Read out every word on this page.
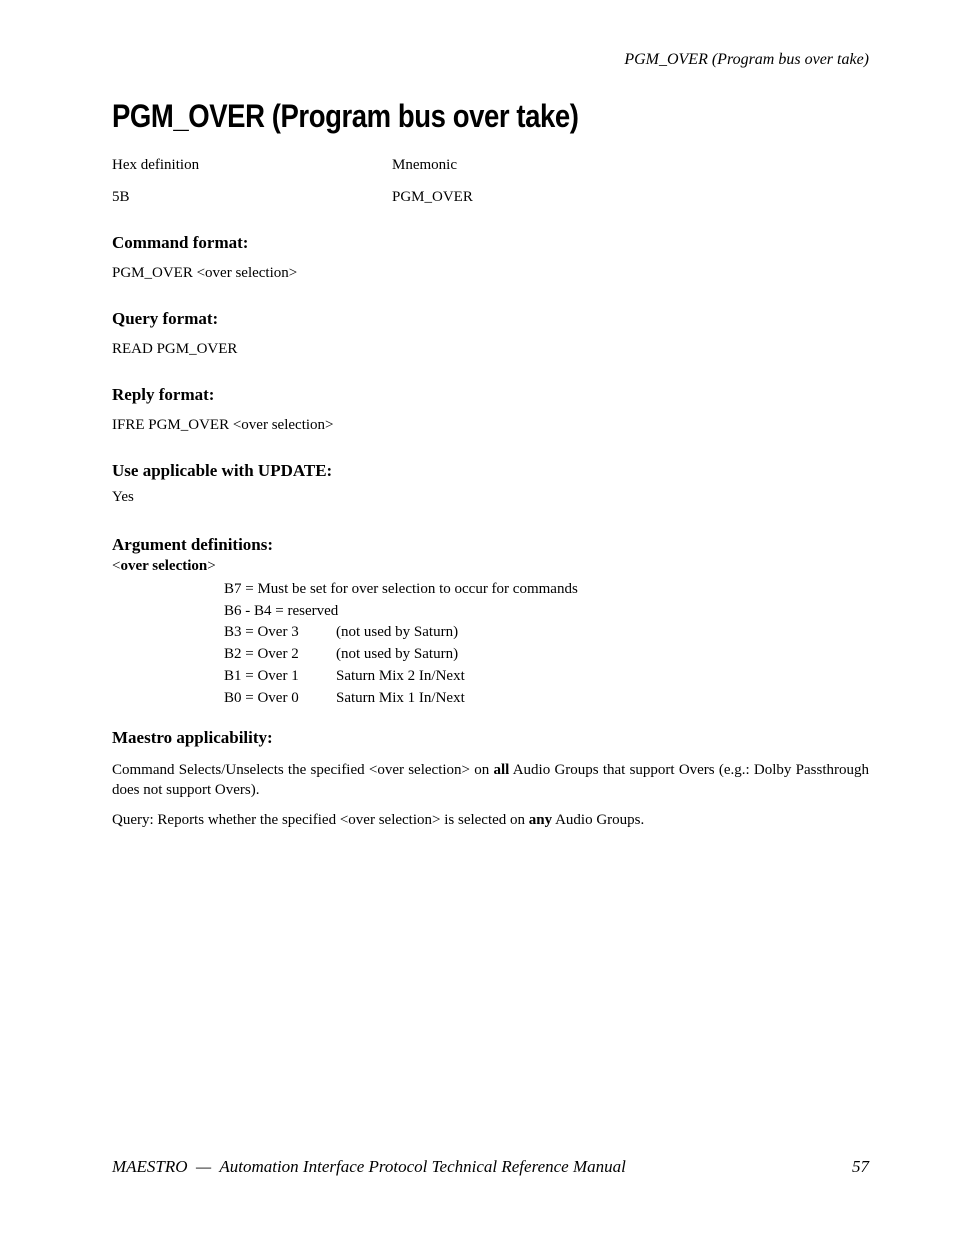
PGM_OVER (Program bus over take)
PGM_OVER (Program bus over take)
Hex definition	Mnemonic
5B	PGM_OVER
Command format:
PGM_OVER <over selection>
Query format:
READ PGM_OVER
Reply format:
IFRE PGM_OVER <over selection>
Use applicable with UPDATE:
Yes
Argument definitions:
<over selection>
B7 = Must be set for over selection to occur for commands
B6 - B4 = reserved
B3 = Over 3 (not used by Saturn)
B2 = Over 2 (not used by Saturn)
B1 = Over 1 Saturn Mix 2 In/Next
B0 = Over 0 Saturn Mix 1 In/Next
Maestro applicability:

Command Selects/Unselects the specified <over selection> on all Audio Groups that support Overs (e.g.: Dolby Passthrough does not support Overs).

Query: Reports whether the specified <over selection> is selected on any Audio Groups.

MAESTRO  —  Automation Interface Protocol Technical Reference Manual	57
